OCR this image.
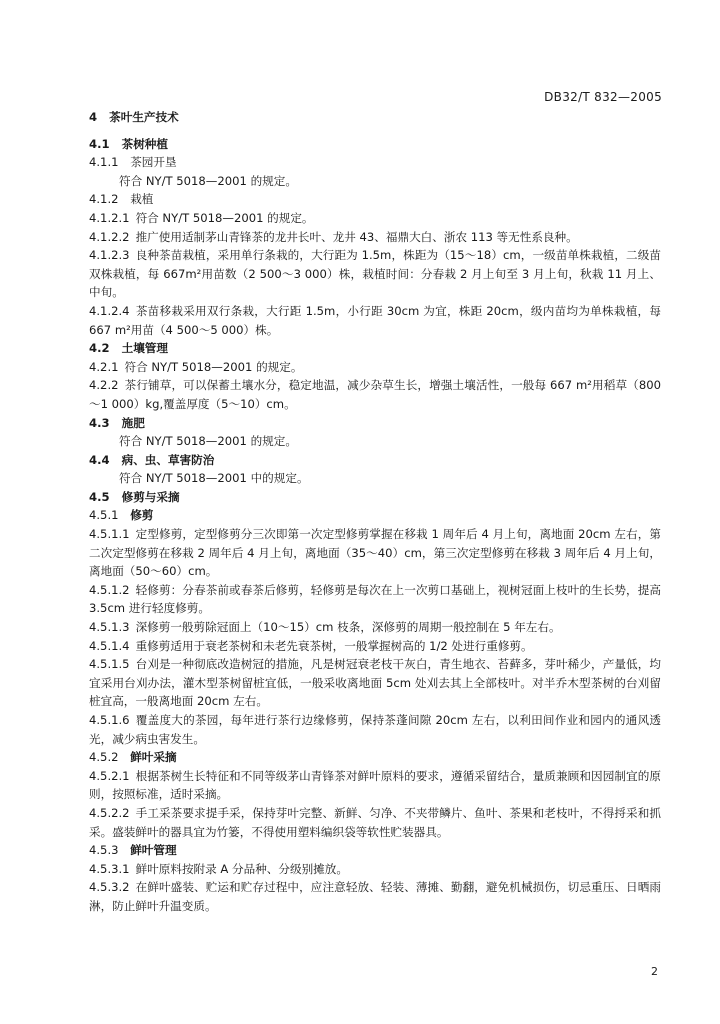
DB32/T 832—2005
4 茶叶生产技术
4.1 茶树种植
4.1.1 茶园开垦
符合 NY/T 5018—2001 的规定。
4.1.2 栽植
4.1.2.1 符合 NY/T 5018—2001 的规定。
4.1.2.2 推广使用适制茅山青锋茶的龙井长叶、龙井 43、福鼎大白、浙农 113 等无性系良种。
4.1.2.3 良种茶苗栽植，采用单行条栽的，大行距为 1.5m，株距为（15～18）cm，一级苗单株栽植，二级苗双株栽植，每 667m²用苗数（2 500～3 000）株，栽植时间：分春栽 2 月上旬至 3 月上旬，秋栽 11 月上、中旬。
4.1.2.4 茶苗移栽采用双行条栽，大行距 1.5m，小行距 30cm 为宜，株距 20cm，级内苗均为单株栽植，每 667 m²用苗（4 500～5 000）株。
4.2 土壤管理
4.2.1 符合 NY/T 5018—2001 的规定。
4.2.2 茶行铺草，可以保蓄土壤水分，稳定地温，减少杂草生长，增强土壤活性，一般每 667 m²用稻草（800～1 000）kg,覆盖厚度（5～10）cm。
4.3 施肥
符合 NY/T 5018—2001 的规定。
4.4 病、虫、草害防治
符合 NY/T 5018—2001 中的规定。
4.5 修剪与采摘
4.5.1 修剪
4.5.1.1 定型修剪，定型修剪分三次即第一次定型修剪掌握在移栽 1 周年后 4 月上旬，离地面 20cm 左右，第二次定型修剪在移栽 2 周年后 4 月上旬，离地面（35～40）cm，第三次定型修剪在移栽 3 周年后 4 月上旬，离地面（50～60）cm。
4.5.1.2 轻修剪：分春茶前或春茶后修剪，轻修剪是每次在上一次剪口基础上，视树冠面上枝叶的生长势，提高 3.5cm 进行轻度修剪。
4.5.1.3 深修剪一般剪除冠面上（10～15）cm 枝条，深修剪的周期一般控制在 5 年左右。
4.5.1.4 重修剪适用于衰老茶树和未老先衰茶树，一般掌握树高的 1/2 处进行重修剪。
4.5.1.5 台刈是一种彻底改造树冠的措施，凡是树冠衰老枝干灰白，青生地衣、苔藓多，芽叶稀少，产量低，均宜采用台刈办法，灌木型茶树留桩宜低，一般采收离地面 5cm 处刈去其上全部枝叶。对半乔木型茶树的台刈留桩宜高，一般离地面 20cm 左右。
4.5.1.6 覆盖度大的茶园，每年进行茶行边缘修剪，保持茶蓬间隙 20cm 左右，以利田间作业和园内的通风透光，减少病虫害发生。
4.5.2 鲜叶采摘
4.5.2.1 根据茶树生长特征和不同等级茅山青锋茶对鲜叶原料的要求，遵循采留结合，量质兼顾和因园制宜的原则，按照标准，适时采摘。
4.5.2.2 手工采茶要求提手采，保持芽叶完整、新鲜、匀净、不夹带鳞片、鱼叶、茶果和老枝叶，不得捋采和抓采。盛装鲜叶的器具宜为竹篓，不得使用塑料编织袋等软性贮装器具。
4.5.3 鲜叶管理
4.5.3.1 鲜叶原料按附录 A 分品种、分级别摊放。
4.5.3.2 在鲜叶盛装、贮运和贮存过程中，应注意轻放、轻装、薄摊、勤翻，避免机械损伤，切忌重压、日晒雨淋，防止鲜叶升温变质。
2
